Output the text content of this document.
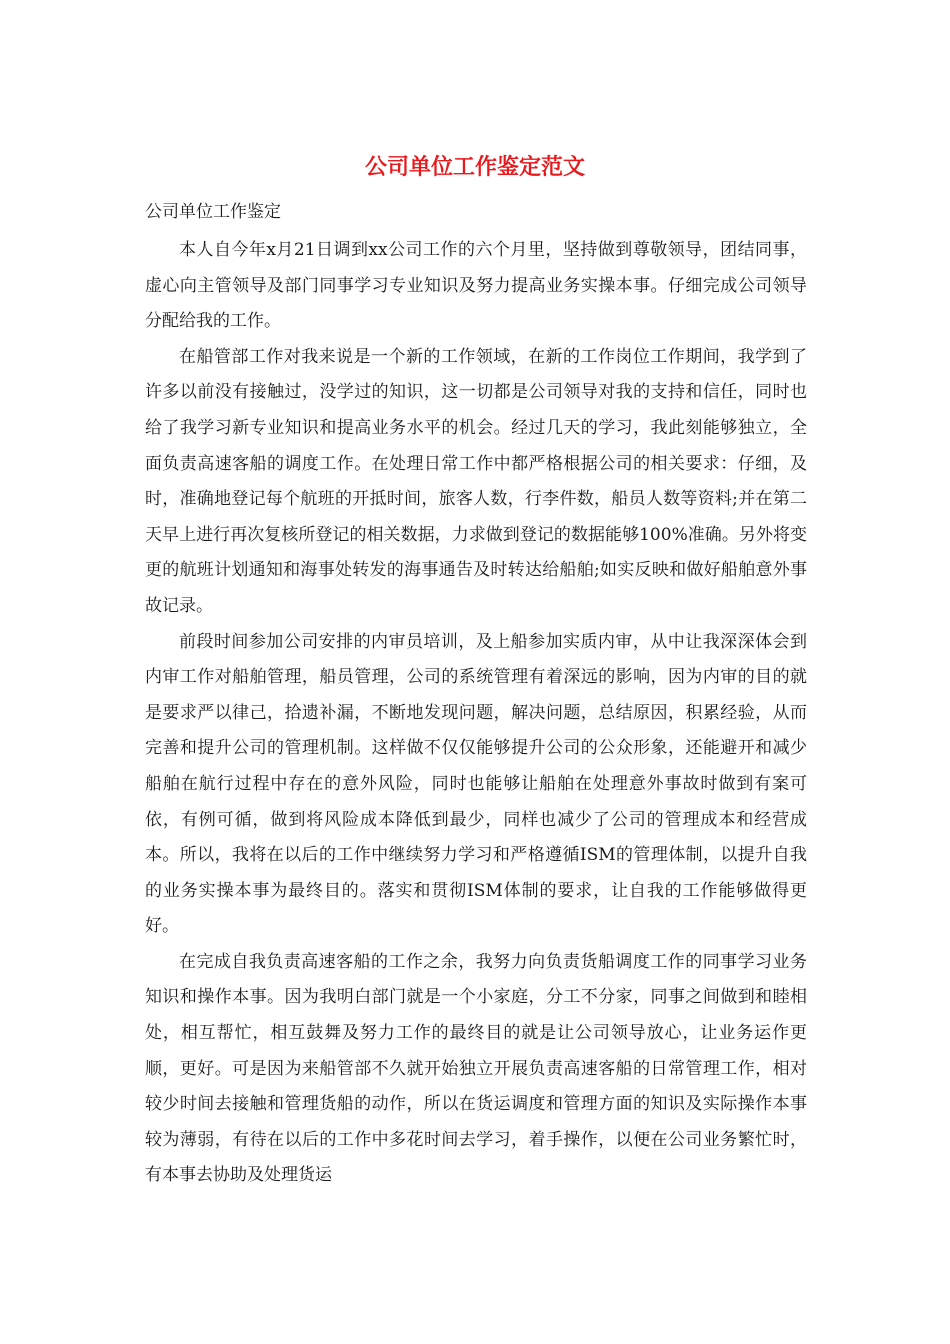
公司单位工作鉴定范文

公司单位工作鉴定

本人自今年x月21日调到xx公司工作的六个月里，坚持做到尊敬领导，团结同事，虚心向主管领导及部门同事学习专业知识及努力提高业务实操本事。仔细完成公司领导分配给我的工作。

在船管部工作对我来说是一个新的工作领域，在新的工作岗位工作期间，我学到了许多以前没有接触过，没学过的知识，这一切都是公司领导对我的支持和信任，同时也给了我学习新专业知识和提高业务水平的机会。经过几天的学习，我此刻能够独立，全面负责高速客船的调度工作。在处理日常工作中都严格根据公司的相关要求：仔细，及时，准确地登记每个航班的开抵时间，旅客人数，行李件数，船员人数等资料;并在第二天早上进行再次复核所登记的相关数据，力求做到登记的数据能够100%准确。另外将变更的航班计划通知和海事处转发的海事通告及时转达给船舶;如实反映和做好船舶意外事故记录。

前段时间参加公司安排的内审员培训，及上船参加实质内审，从中让我深深体会到内审工作对船舶管理，船员管理，公司的系统管理有着深远的影响，因为内审的目的就是要求严以律己，拾遗补漏，不断地发现问题，解决问题，总结原因，积累经验，从而完善和提升公司的管理机制。这样做不仅仅能够提升公司的公众形象，还能避开和减少船舶在航行过程中存在的意外风险，同时也能够让船舶在处理意外事故时做到有案可依，有例可循，做到将风险成本降低到最少，同样也减少了公司的管理成本和经营成本。所以，我将在以后的工作中继续努力学习和严格遵循ISM的管理体制，以提升自我的业务实操本事为最终目的。落实和贯彻ISM体制的要求，让自我的工作能够做得更好。

在完成自我负责高速客船的工作之余，我努力向负责货船调度工作的同事学习业务知识和操作本事。因为我明白部门就是一个小家庭，分工不分家，同事之间做到和睦相处，相互帮忙，相互鼓舞及努力工作的最终目的就是让公司领导放心，让业务运作更顺，更好。可是因为来船管部不久就开始独立开展负责高速客船的日常管理工作，相对较少时间去接触和管理货船的动作，所以在货运调度和管理方面的知识及实际操作本事较为薄弱，有待在以后的工作中多花时间去学习，着手操作，以便在公司业务繁忙时，有本事去协助及处理货运
